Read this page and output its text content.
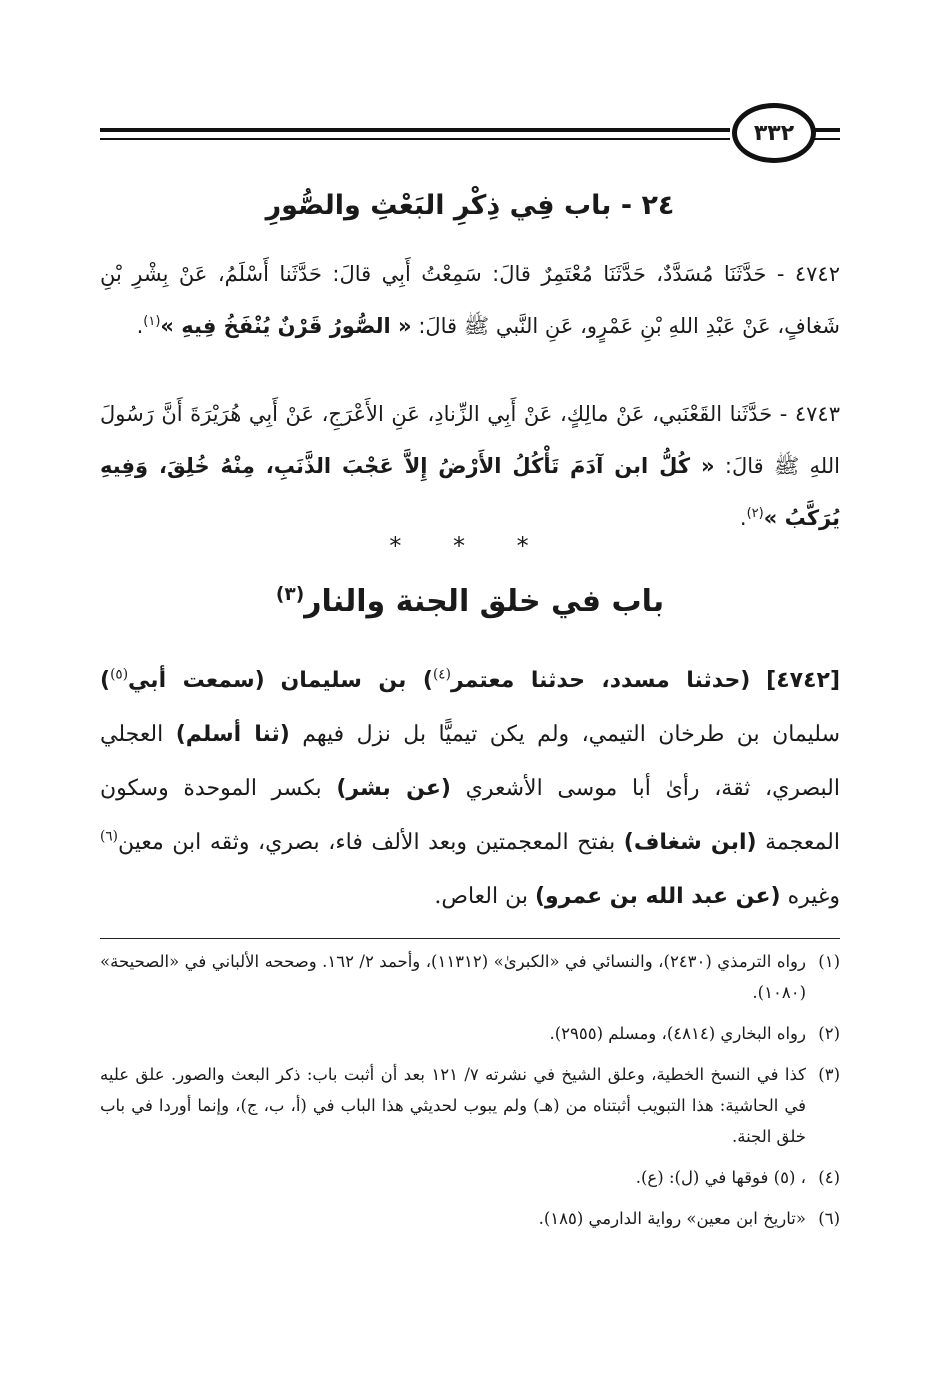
٣٣٢
٢٤ - باب فِي ذِكْرِ البَعْثِ والصُّورِ
٤٧٤٢ - حَدَّثَنَا مُسَدَّدٌ، حَدَّثَنَا مُعْتَمِرٌ قالَ: سَمِعْتُ أَبِي قالَ: حَدَّثَنا أَسْلَمُ، عَنْ بِشْرِ بْنِ شَغافٍ، عَنْ عَبْدِ اللهِ بْنِ عَمْرٍو، عَنِ النَّبي ﷺ قالَ: « الصُّورُ قَرْنٌ يُنْفَخُ فِيهِ »$^{(١)}$.
٤٧٤٣ - حَدَّثَنا القَعْنَبي، عَنْ مالِكٍ، عَنْ أَبِي الزِّنادِ، عَنِ الأَعْرَجِ، عَنْ أَبِي هُرَيْرَةَ أَنَّ رَسُولَ اللهِ ﷺ قالَ: « كُلُّ ابن آدَمَ تَأْكُلُ الأَرْضُ إِلاَّ عَجْبَ الذَّنَبِ، مِنْهُ خُلِقَ، وَفِيهِ يُرَكَّبُ »$^{(٢)}$.
* * *
باب في خلق الجنة والنار$^{(٣)}$
[٤٧٤٢] (حدثنا مسدد، حدثنا معتمر$^{(٤)}$) بن سليمان (سمعت أبي$^{(٥)}$) سليمان بن طرخان التيمي، ولم يكن تيميًّا بل نزل فيهم (ثنا أسلم) العجلي البصري، ثقة، رأىٰ أبا موسى الأشعري (عن بشر) بكسر الموحدة وسكون المعجمة (ابن شغاف) بفتح المعجمتين وبعد الألف فاء، بصري، وثقه ابن معين$^{(٦)}$ وغيره (عن عبد الله بن عمرو) بن العاص.
(١)
رواه الترمذي (٢٤٣٠)، والنسائي في «الكبرىٰ» (١١٣١٢)، وأحمد ٢/ ١٦٢. وصححه الألباني في «الصحيحة» (١٠٨٠).
(٢)
رواه البخاري (٤٨١٤)، ومسلم (٢٩٥٥).
(٣)
كذا في النسخ الخطية، وعلق الشيخ في نشرته ٧/ ١٢١ بعد أن أثبت باب: ذكر البعث والصور. علق عليه في الحاشية: هذا التبويب أثبتناه من (هـ) ولم يبوب لحديثي هذا الباب في (أ، ب، ج)، وإنما أوردا في باب خلق الجنة.
(٤)
، (٥) فوقها في (ل): (ع).
(٦)
«تاريخ ابن معين» رواية الدارمي (١٨٥).
